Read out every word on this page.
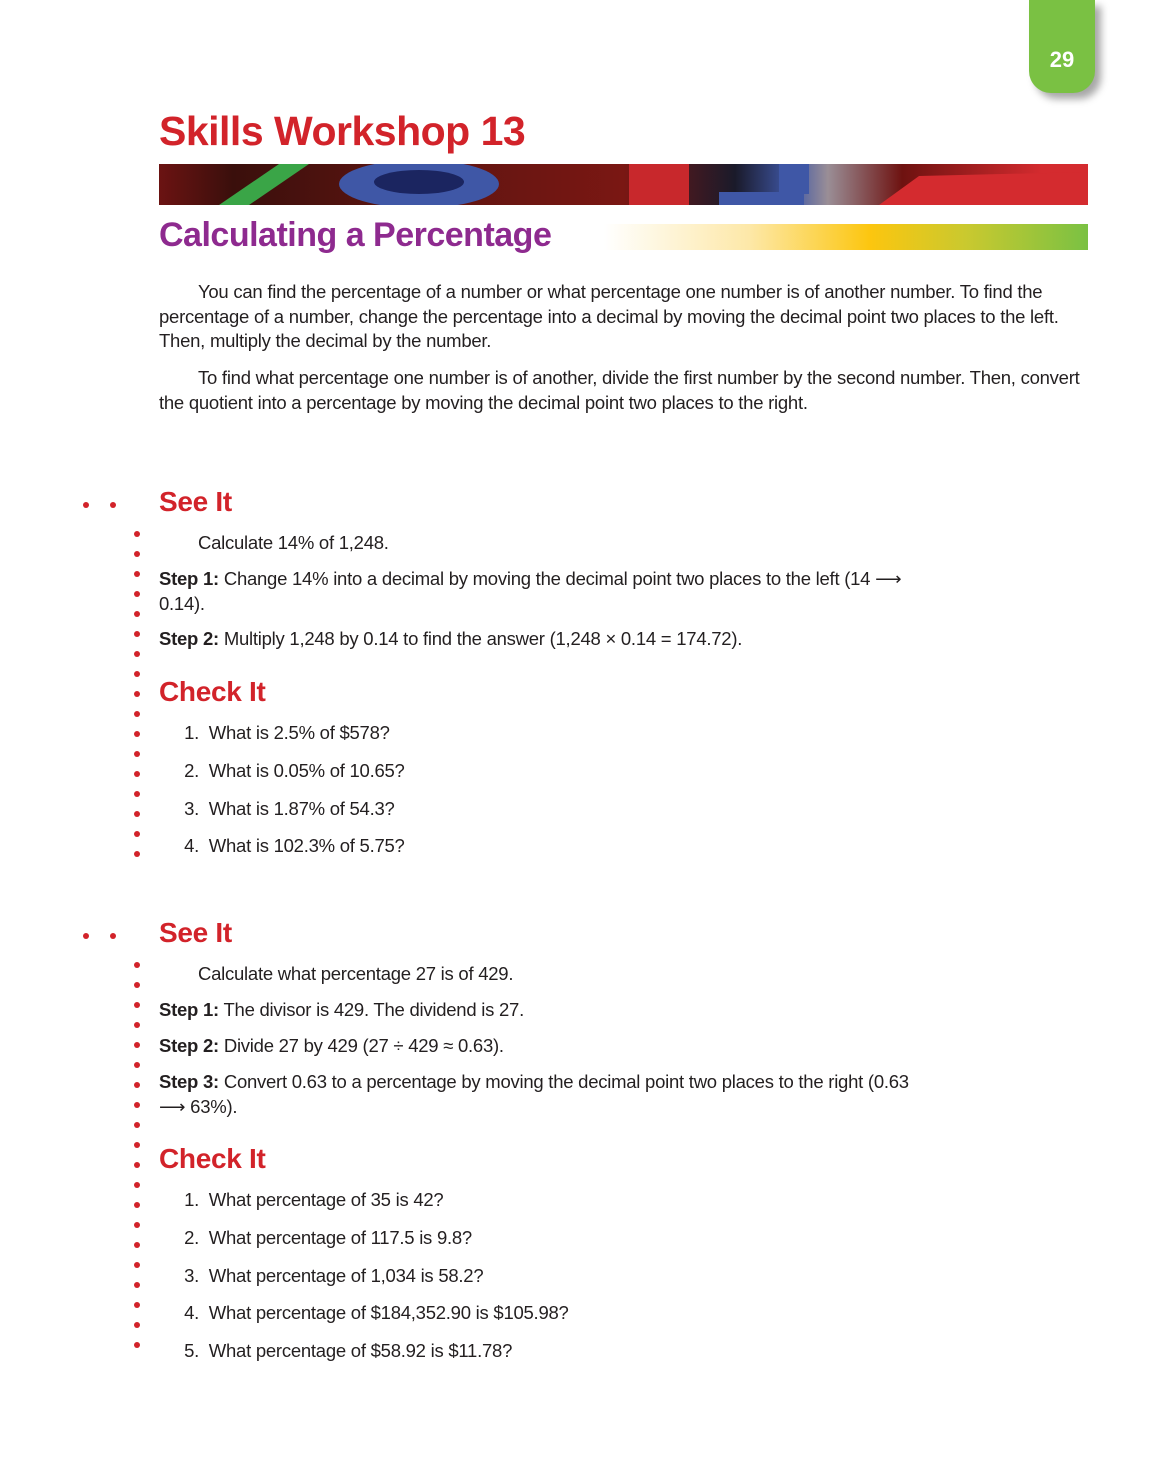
29
Skills Workshop 13
Calculating a Percentage
You can find the percentage of a number or what percentage one number is of another number. To find the percentage of a number, change the percentage into a decimal by moving the decimal point two places to the left. Then, multiply the decimal by the number.
To find what percentage one number is of another, divide the first number by the second number. Then, convert the quotient into a percentage by moving the decimal point two places to the right.
See It
Calculate 14% of 1,248.
Step 1: Change 14% into a decimal by moving the decimal point two places to the left (14 ⟶ 0.14).
Step 2: Multiply 1,248 by 0.14 to find the answer (1,248 × 0.14 = 174.72).
Check It
1. What is 2.5% of $578?
2. What is 0.05% of 10.65?
3. What is 1.87% of 54.3?
4. What is 102.3% of 5.75?
See It
Calculate what percentage 27 is of 429.
Step 1: The divisor is 429. The dividend is 27.
Step 2: Divide 27 by 429 (27 ÷ 429 ≈ 0.63).
Step 3: Convert 0.63 to a percentage by moving the decimal point two places to the right (0.63 ⟶ 63%).
Check It
1. What percentage of 35 is 42?
2. What percentage of 117.5 is 9.8?
3. What percentage of 1,034 is 58.2?
4. What percentage of $184,352.90 is $105.98?
5. What percentage of $58.92 is $11.78?
